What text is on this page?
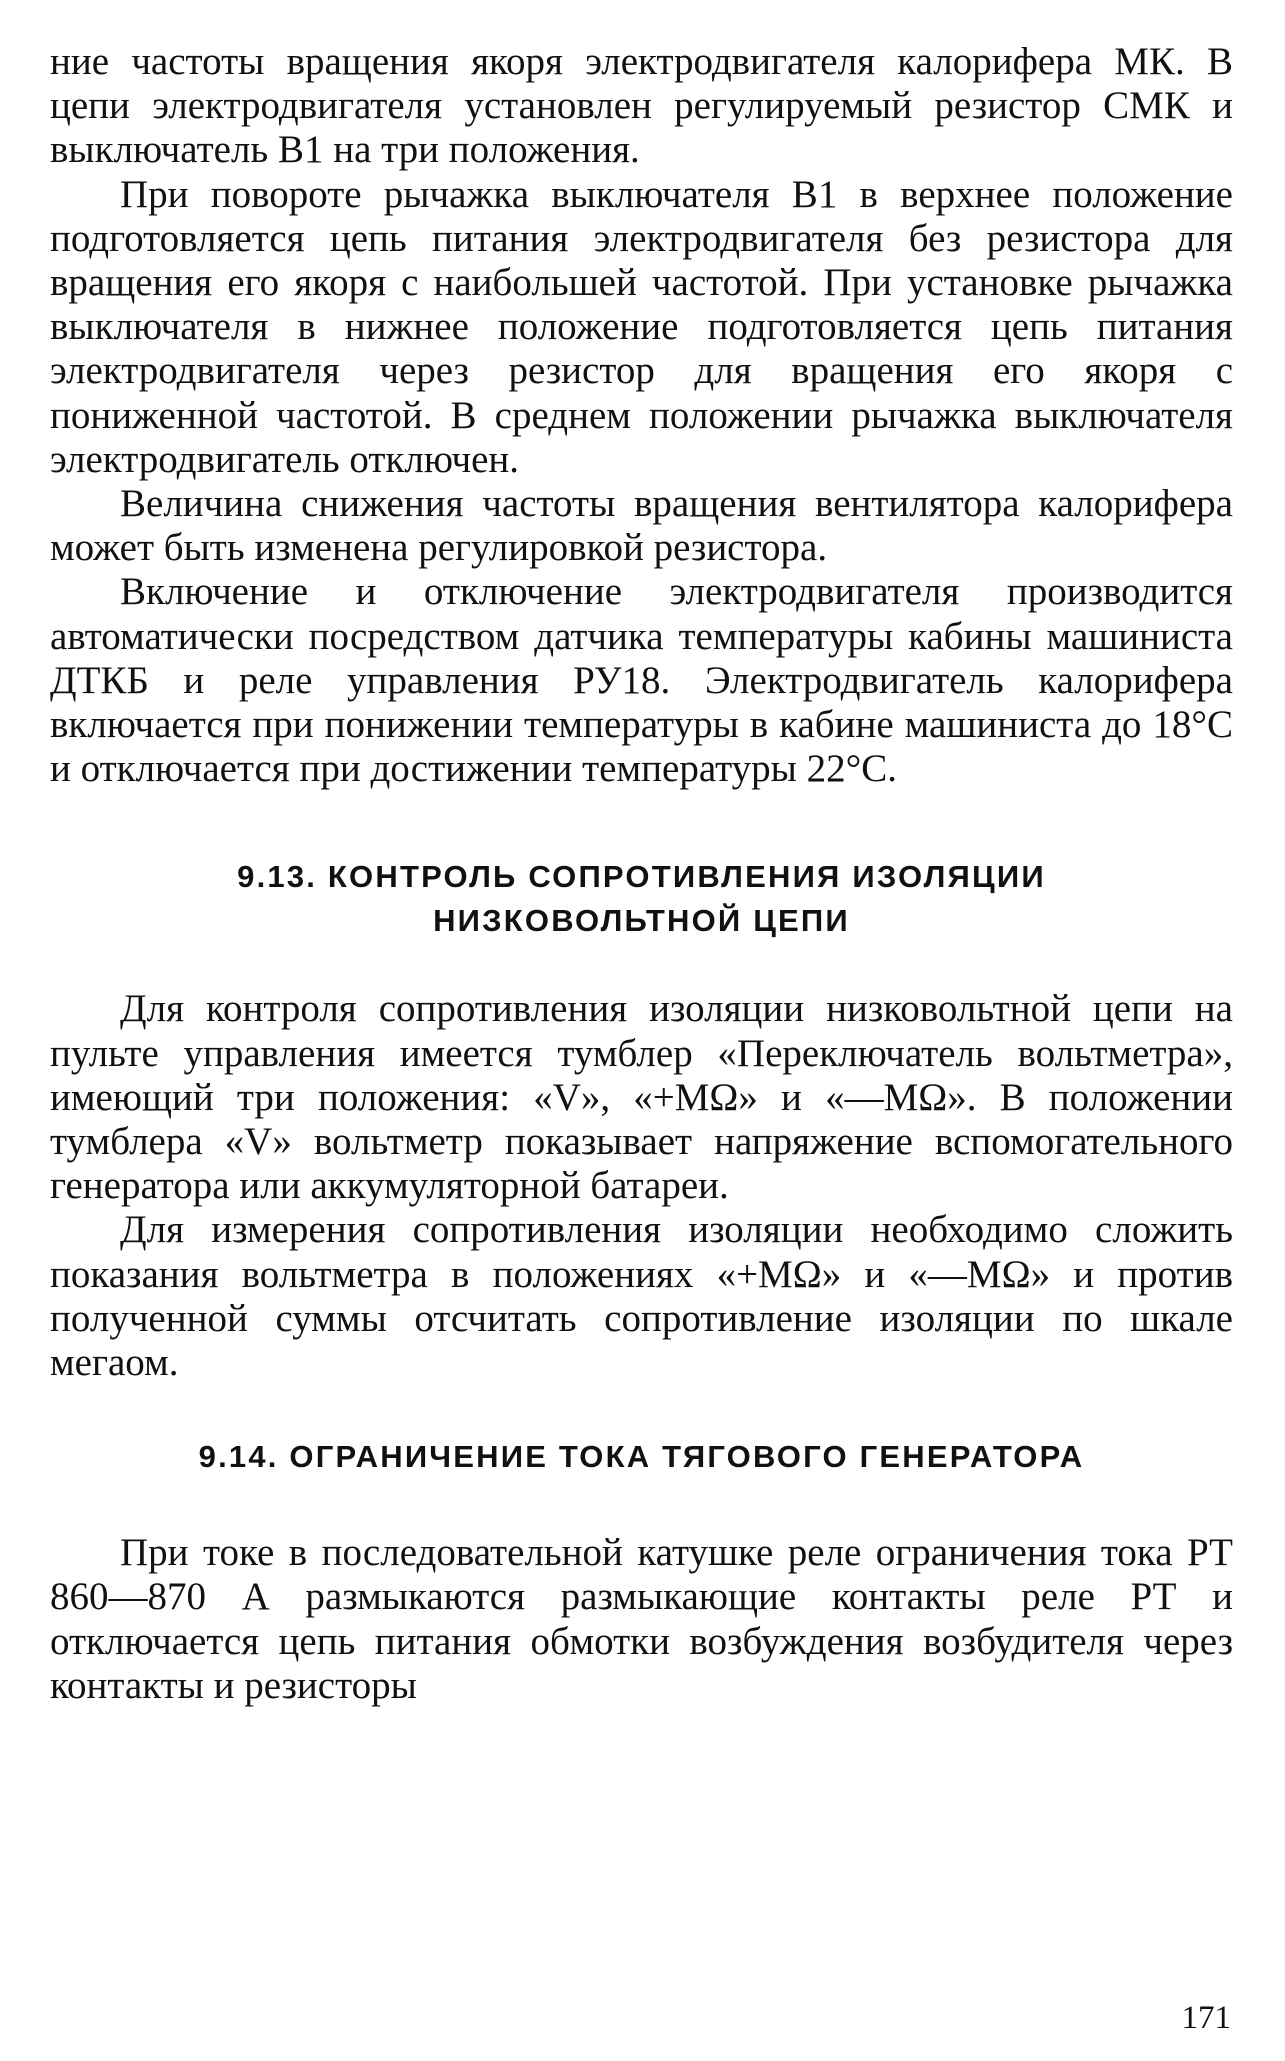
ние частоты вращения якоря электродвигателя калорифера МК. В цепи электродвигателя установлен регулируемый резистор СМК и выключатель В1 на три положения.

При повороте рычажка выключателя В1 в верхнее положение подготовляется цепь питания электродвигателя без резистора для вращения его якоря с наибольшей частотой. При установке рычажка выключателя в нижнее положение подготовляется цепь питания электродвигателя через резистор для вращения его якоря с пониженной частотой. В среднем положении рычажка выключателя электродвигатель отключен.

Величина снижения частоты вращения вентилятора калорифера может быть изменена регулировкой резистора.

Включение и отключение электродвигателя производится автоматически посредством датчика температуры кабины машиниста ДТКБ и реле управления РУ18. Электродвигатель калорифера включается при понижении температуры в кабине машиниста до 18°С и отключается при достижении температуры 22°С.

9.13. КОНТРОЛЬ СОПРОТИВЛЕНИЯ ИЗОЛЯЦИИ
НИЗКОВОЛЬТНОЙ ЦЕПИ

Для контроля сопротивления изоляции низковольтной цепи на пульте управления имеется тумблер «Переключатель вольтметра», имеющий три положения: «V», «+МΩ» и «—МΩ». В положении тумблера «V» вольтметр показывает напряжение вспомогательного генератора или аккумуляторной батареи.

Для измерения сопротивления изоляции необходимо сложить показания вольтметра в положениях «+МΩ» и «—МΩ» и против полученной суммы отсчитать сопротивление изоляции по шкале мегаом.

9.14. ОГРАНИЧЕНИЕ ТОКА ТЯГОВОГО ГЕНЕРАТОРА

При токе в последовательной катушке реле ограничения тока РТ 860—870 А размыкаются размыкающие контакты реле РТ и отключается цепь питания обмотки возбуждения возбудителя через контакты и резисторы

171
